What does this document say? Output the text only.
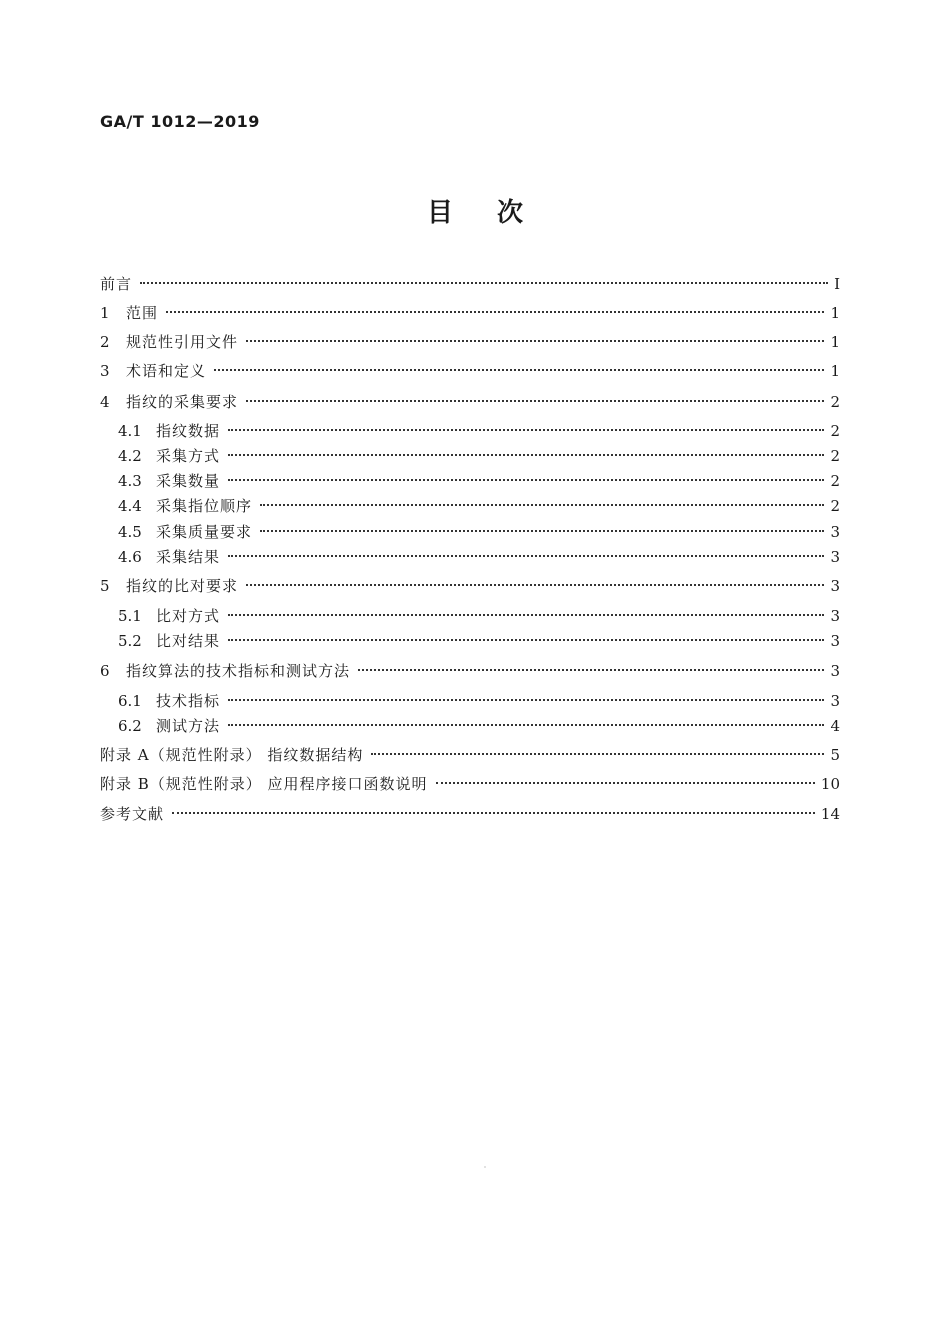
GA/T 1012—2019
目次
前言	Ⅰ
1 范围	1
2 规范性引用文件	1
3 术语和定义	1
4 指纹的采集要求	2
4.1 指纹数据	2
4.2 采集方式	2
4.3 采集数量	2
4.4 采集指位顺序	2
4.5 采集质量要求	3
4.6 采集结果	3
5 指纹的比对要求	3
5.1 比对方式	3
5.2 比对结果	3
6 指纹算法的技术指标和测试方法	3
6.1 技术指标	3
6.2 测试方法	4
附录 A（规范性附录） 指纹数据结构	5
附录 B（规范性附录） 应用程序接口函数说明	10
参考文献	14
